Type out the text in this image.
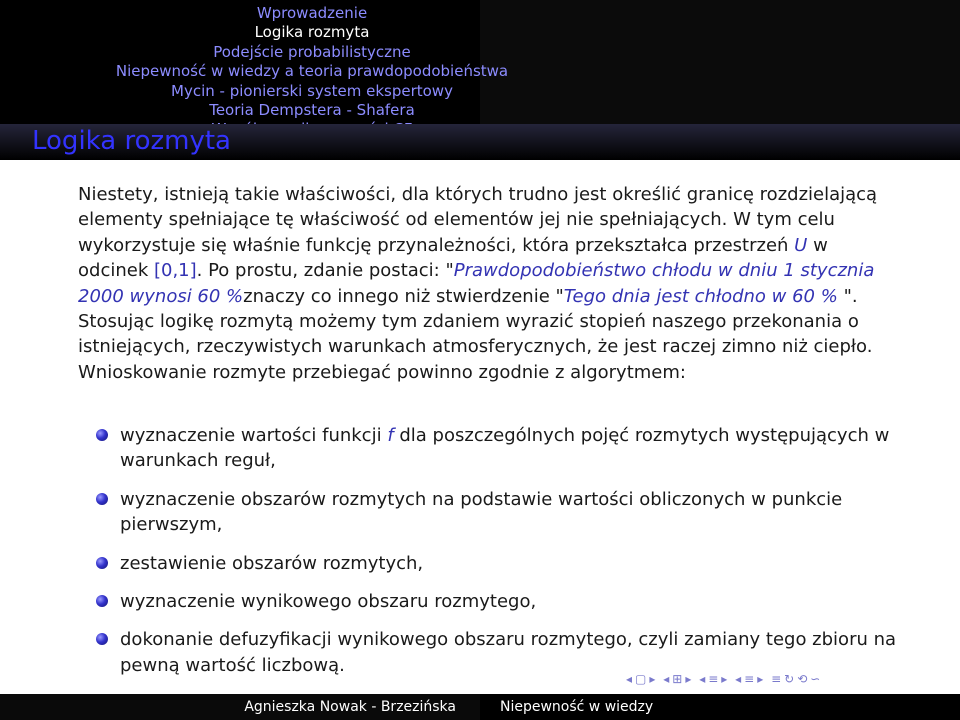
Wprowadzenie
Logika rozmyta
Podejście probabilistyczne
Niepewność w wiedzy a teoria prawdopodobieństwa
Mycin - pionierski system ekspertowy
Teoria Dempstera - Shafera
Logika rozmyta

Niestety, istnieją takie właściwości, dla których trudno jest określić granicę rozdzielającą elementy spełniające tę właściwość od elementów jej nie spełniających. W tym celu wykorzystuje się właśnie funkcję przynależności, która przekształca przestrzeń U w odcinek [0,1]. Po prostu, zdanie postaci: "Prawdopodobieństwo chłodu w dniu 1 stycznia 2000 wynosi 60 %znaczy co innego niż stwierdzenie "Tego dnia jest chłodno w 60 % ". Stosując logikę rozmytą możemy tym zdaniem wyrazić stopień naszego przekonania o istniejących, rzeczywistych warunkach atmosferycznych, że jest raczej zimno niż ciepło. Wnioskowanie rozmyte przebiegać powinno zgodnie z algorytmem:

wyznaczenie wartości funkcji f dla poszczególnych pojęć rozmytych występujących w warunkach reguł,
wyznaczenie obszarów rozmytych na podstawie wartości obliczonych w punkcie pierwszym,
zestawienie obszarów rozmytych,
wyznaczenie wynikowego obszaru rozmytego,
dokonanie defuzyfikacji wynikowego obszaru rozmytego, czyli zamiany tego zbioru na pewną wartość liczbową.
◂ ▢ ▸ ◂ ⊞ ▸ ◂ ≡ ▸ ◂ ≡ ▸ ≡ ↻ ⟲ ∽
Agnieszka Nowak - Brzezińska	Niepewność w wiedzy
